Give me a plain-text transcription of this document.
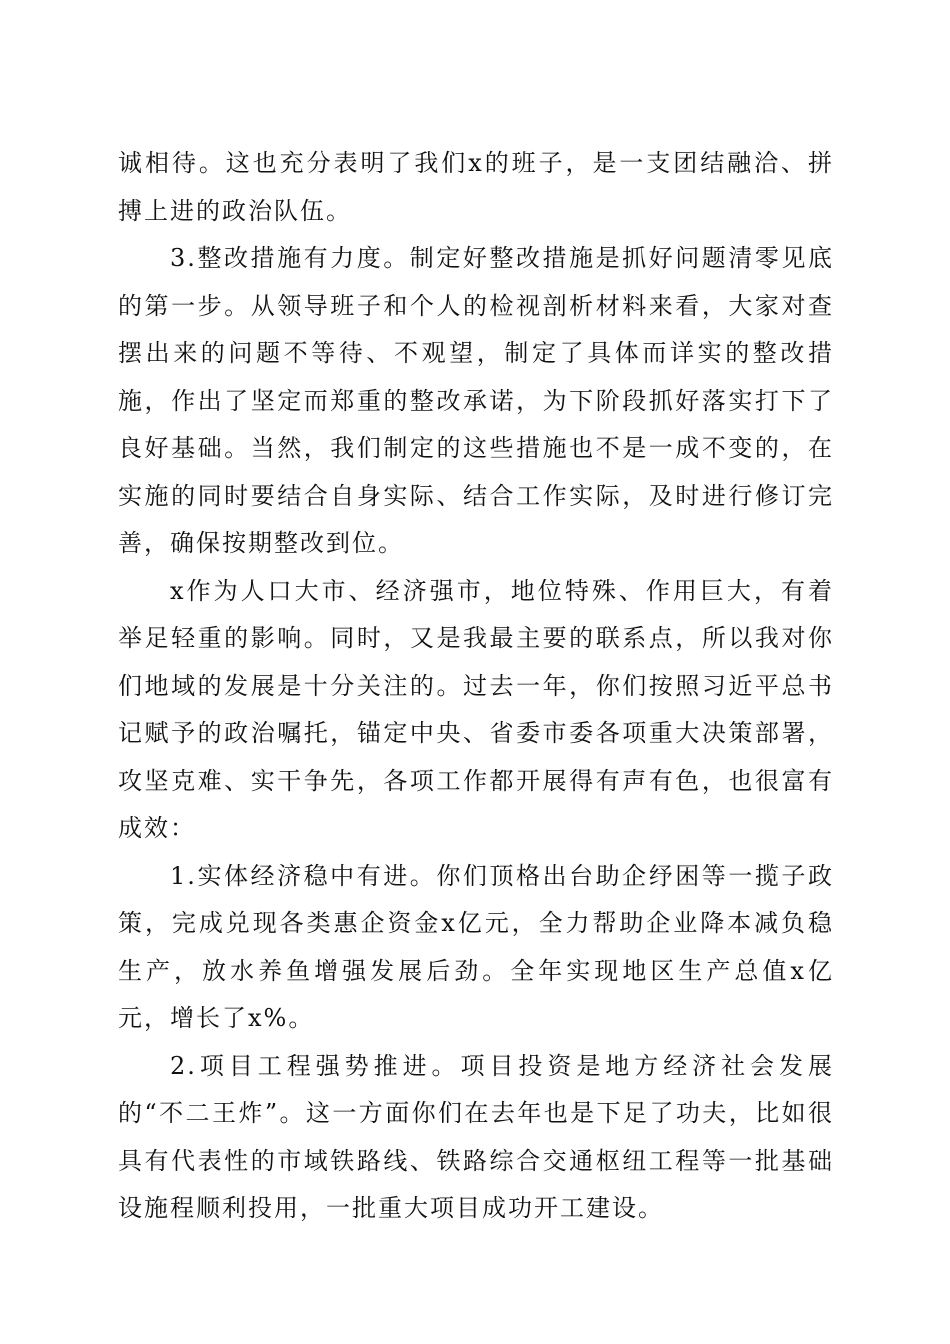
诚相待。这也充分表明了我们x的班子，是一支团结融洽、拼搏上进的政治队伍。

3.整改措施有力度。制定好整改措施是抓好问题清零见底的第一步。从领导班子和个人的检视剖析材料来看，大家对查摆出来的问题不等待、不观望，制定了具体而详实的整改措施，作出了坚定而郑重的整改承诺，为下阶段抓好落实打下了良好基础。当然，我们制定的这些措施也不是一成不变的，在实施的同时要结合自身实际、结合工作实际，及时进行修订完善，确保按期整改到位。

x作为人口大市、经济强市，地位特殊、作用巨大，有着举足轻重的影响。同时，又是我最主要的联系点，所以我对你们地域的发展是十分关注的。过去一年，你们按照习近平总书记赋予的政治嘱托，锚定中央、省委市委各项重大决策部署，攻坚克难、实干争先，各项工作都开展得有声有色，也很富有成效：

1.实体经济稳中有进。你们顶格出台助企纾困等一揽子政策，完成兑现各类惠企资金x亿元，全力帮助企业降本减负稳生产，放水养鱼增强发展后劲。全年实现地区生产总值x亿元，增长了x%。

2.项目工程强势推进。项目投资是地方经济社会发展的“不二王炸”。这一方面你们在去年也是下足了功夫，比如很具有代表性的市域铁路线、铁路综合交通枢纽工程等一批基础设施程顺利投用，一批重大项目成功开工建设。
